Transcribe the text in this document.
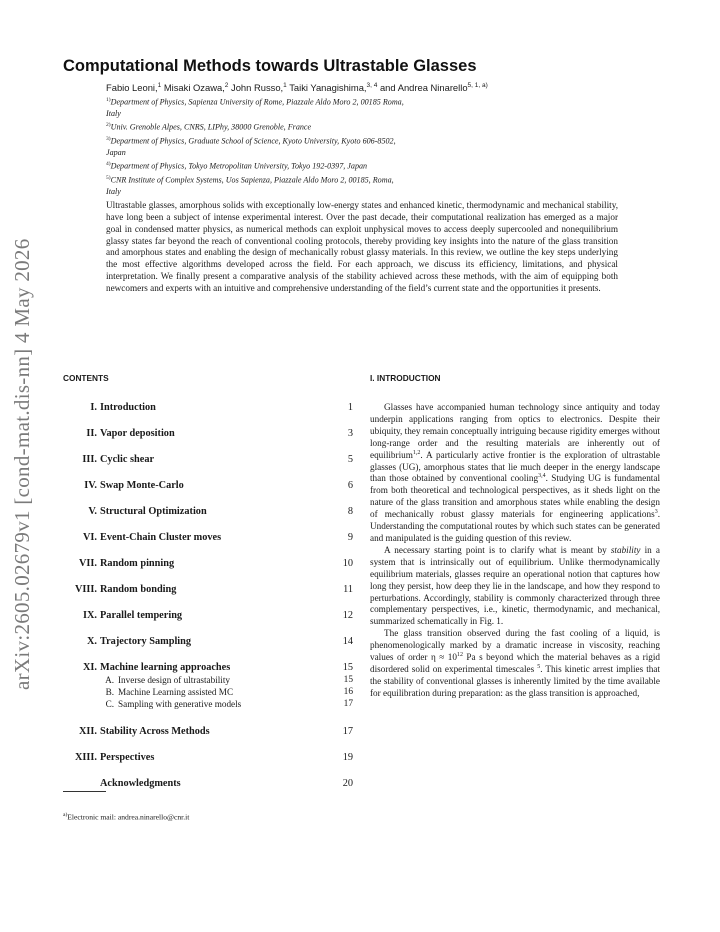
arXiv:2605.02679v1 [cond-mat.dis-nn] 4 May 2026
Computational Methods towards Ultrastable Glasses
Fabio Leoni,$^1$ Misaki Ozawa,$^2$ John Russo,$^1$ Taiki Yanagishima,$^{3, 4}$ and Andrea Ninarello$^{5, 1, a)}$
$^{1)}$Department of Physics, Sapienza University of Rome, Piazzale Aldo Moro 2, 00185 Roma,
Italy
$^{2)}$Univ. Grenoble Alpes, CNRS, LIPhy, 38000 Grenoble, France
$^{3)}$Department of Physics, Graduate School of Science, Kyoto University, Kyoto 606-8502,
Japan
$^{4)}$Department of Physics, Tokyo Metropolitan University, Tokyo 192-0397, Japan
$^{5)}$CNR Institute of Complex Systems, Uos Sapienza, Piazzale Aldo Moro 2, 00185, Roma,
Italy

Ultrastable glasses, amorphous solids with exceptionally low-energy states and enhanced kinetic, thermodynamic and mechanical stability, have long been a subject of intense experimental interest. Over the past decade, their computational realization has emerged as a major goal in condensed matter physics, as numerical methods can exploit unphysical moves to access deeply supercooled and nonequilibrium glassy states far beyond the reach of conventional cooling protocols, thereby providing key insights into the nature of the glass transition and amorphous states and enabling the design of mechanically robust glassy materials. In this review, we outline the key steps underlying the most effective algorithms developed across the field. For each approach, we discuss its efficiency, limitations, and physical interpretation. We finally present a comparative analysis of the stability achieved across these methods, with the aim of equipping both newcomers and experts with an intuitive and comprehensive understanding of the field’s current state and the opportunities it presents.

CONTENTS
I. Introduction	1
II. Vapor deposition	3
III. Cyclic shear	5
IV. Swap Monte-Carlo	6
V. Structural Optimization	8
VI. Event-Chain Cluster moves	9
VII. Random pinning	10
VIII. Random bonding	11
IX. Parallel tempering	12
X. Trajectory Sampling	14
XI. Machine learning approaches	15
A. Inverse design of ultrastability	15
B. Machine Learning assisted MC	16
C. Sampling with generative models	17
XII. Stability Across Methods	17
XIII. Perspectives	19
Acknowledgments	20
$^{a)}$Electronic mail: andrea.ninarello@cnr.it
I. INTRODUCTION

Glasses have accompanied human technology since antiquity and today underpin applications ranging from optics to electronics. Despite their ubiquity, they remain conceptually intriguing because rigidity emerges without long-range order and the resulting materials are inherently out of equilibrium$^{1,2}$. A particularly active frontier is the exploration of ultrastable glasses (UG), amorphous states that lie much deeper in the energy landscape than those obtained by conventional cooling$^{3,4}$. Studying UG is fundamental from both theoretical and technological perspectives, as it sheds light on the nature of the glass transition and amorphous states while enabling the design of mechanically robust glassy materials for engineering applications$^3$. Understanding the computational routes by which such states can be generated and manipulated is the guiding question of this review.

A necessary starting point is to clarify what is meant by stability in a system that is intrinsically out of equilibrium. Unlike thermodynamically equilibrium materials, glasses require an operational notion that captures how long they persist, how deep they lie in the landscape, and how they respond to perturbations. Accordingly, stability is commonly characterized through three complementary perspectives, i.e., kinetic, thermodynamic, and mechanical, summarized schematically in Fig. 1.

The glass transition observed during the fast cooling of a liquid, is phenomenologically marked by a dramatic increase in viscosity, reaching values of order $\eta \approx 10^{12}$ Pa s beyond which the material behaves as a rigid disordered solid on experimental timescales $^5$. This kinetic arrest implies that the stability of conventional glasses is inherently limited by the time available for equilibration during preparation: as the glass transition is approached,
